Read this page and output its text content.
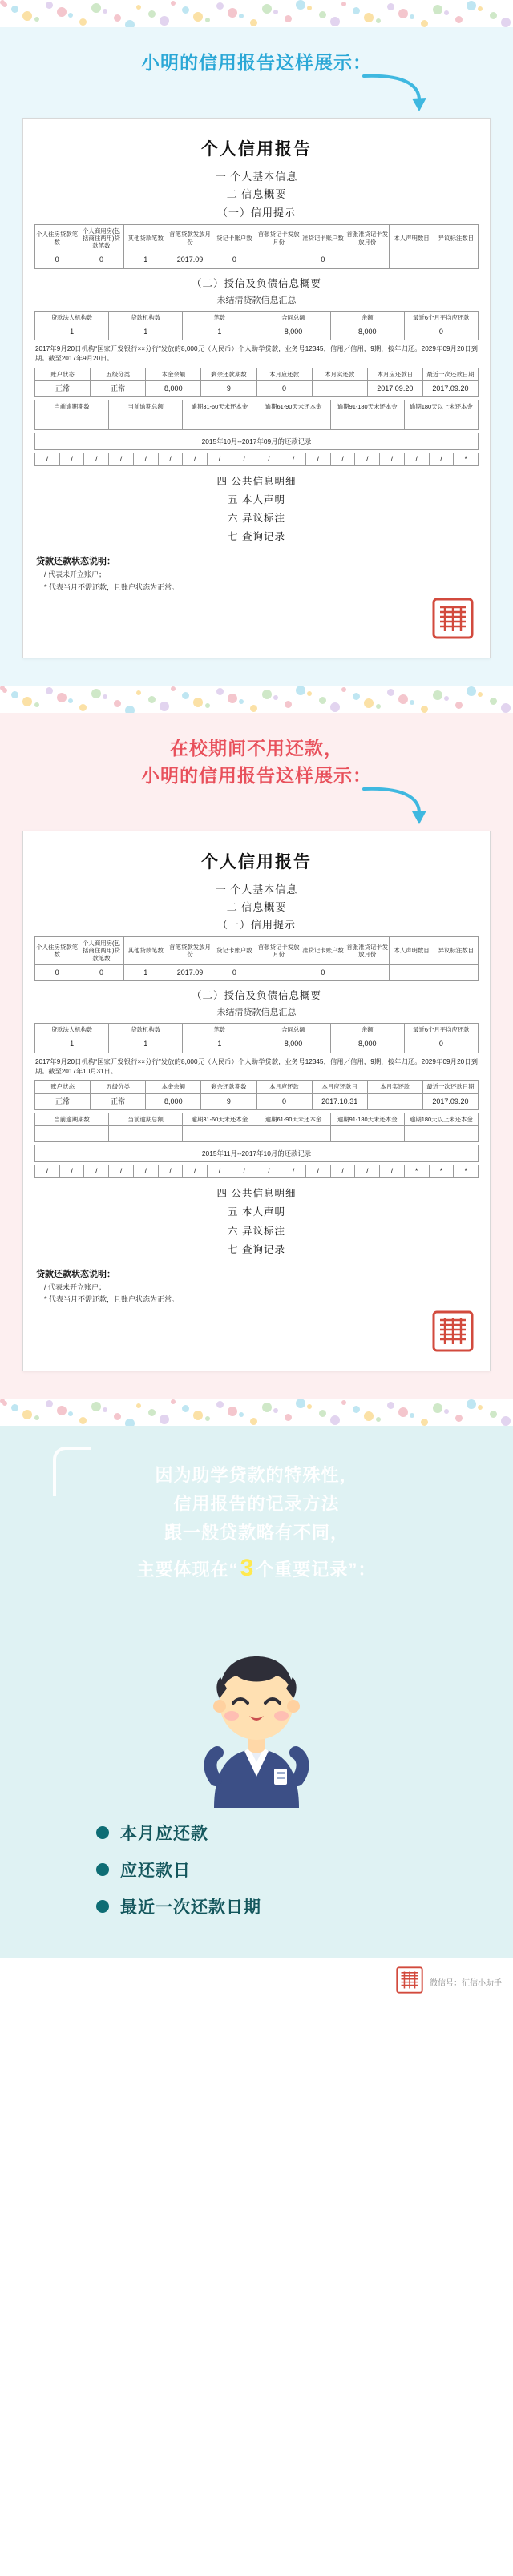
小明的信用报告这样展示：
个人信用报告
一 个人基本信息
二 信息概要
（一）信用提示
个人住房贷款笔数	个人商用房(包括商住两用)贷款笔数	其他贷款笔数	首笔贷款发放月份	贷记卡账户数	首张贷记卡发放月份	准贷记卡账户数	首张准贷记卡发放月份	本人声明数目	异议标注数目
0	0	1	2017.09	0		0			
（二）授信及负债信息概要
未结清贷款信息汇总
贷款法人机构数	贷款机构数	笔数	合同总额	余额	最近6个月平均应还款
1	1	1	8,000	8,000	0
2017年9月20日机构“国家开发银行××分行”发放的8,000元（人民币）个人助学贷款，业务号12345，信用／信用，9期，按年归还。2029年09月20日到期。截至2017年9月20日。
账户状态	五级分类	本金余额	剩余还款期数	本月应还款	本月实还款	本月应还款日	最近一次还款日期
正常	正常	8,000	9	0		2017.09.20	2017.09.20
当前逾期期数	当前逾期总额	逾期31-60天未还本金	逾期61-90天未还本金	逾期91-180天未还本金	逾期180天以上未还本金

2015年10月--2017年09月的还款记录
/	/	/	/	/	/	/	/	/	/	/	/	/	/	/	/	/	*
四 公共信息明细
五 本人声明
六 异议标注
七 查询记录
贷款还款状态说明：
/ 代表未开立账户；
* 代表当月不需还款，且账户状态为正常。
在校期间不用还款，
小明的信用报告这样展示：
个人信用报告
一 个人基本信息
二 信息概要
（一）信用提示
个人住房贷款笔数	个人商用房(包括商住两用)贷款笔数	其他贷款笔数	首笔贷款发放月份	贷记卡账户数	首张贷记卡发放月份	准贷记卡账户数	首张准贷记卡发放月份	本人声明数目	异议标注数目
0	0	1	2017.09	0		0			
（二）授信及负债信息概要
未结清贷款信息汇总
贷款法人机构数	贷款机构数	笔数	合同总额	余额	最近6个月平均应还款
1	1	1	8,000	8,000	0
2017年9月20日机构“国家开发银行××分行”发放的8,000元（人民币）个人助学贷款，业务号12345，信用／信用，9期，按年归还。2029年09月20日到期。截至2017年10月31日。
账户状态	五级分类	本金余额	剩余还款期数	本月应还款	本月应还款日	本月实还款	最近一次还款日期
正常	正常	8,000	9	0	2017.10.31		2017.09.20
当前逾期期数	当前逾期总额	逾期31-60天未还本金	逾期61-90天未还本金	逾期91-180天未还本金	逾期180天以上未还本金

2015年11月--2017年10月的还款记录
/	/	/	/	/	/	/	/	/	/	/	/	/	/	/	*	*	*
四 公共信息明细
五 本人声明
六 异议标注
七 查询记录
贷款还款状态说明：
/ 代表未开立账户；
* 代表当月不需还款，且账户状态为正常。
因为助学贷款的特殊性，
信用报告的记录方法
跟一般贷款略有不同，
主要体现在“3个重要记录”：
本月应还款
应还款日
最近一次还款日期
微信号：征信小助手
